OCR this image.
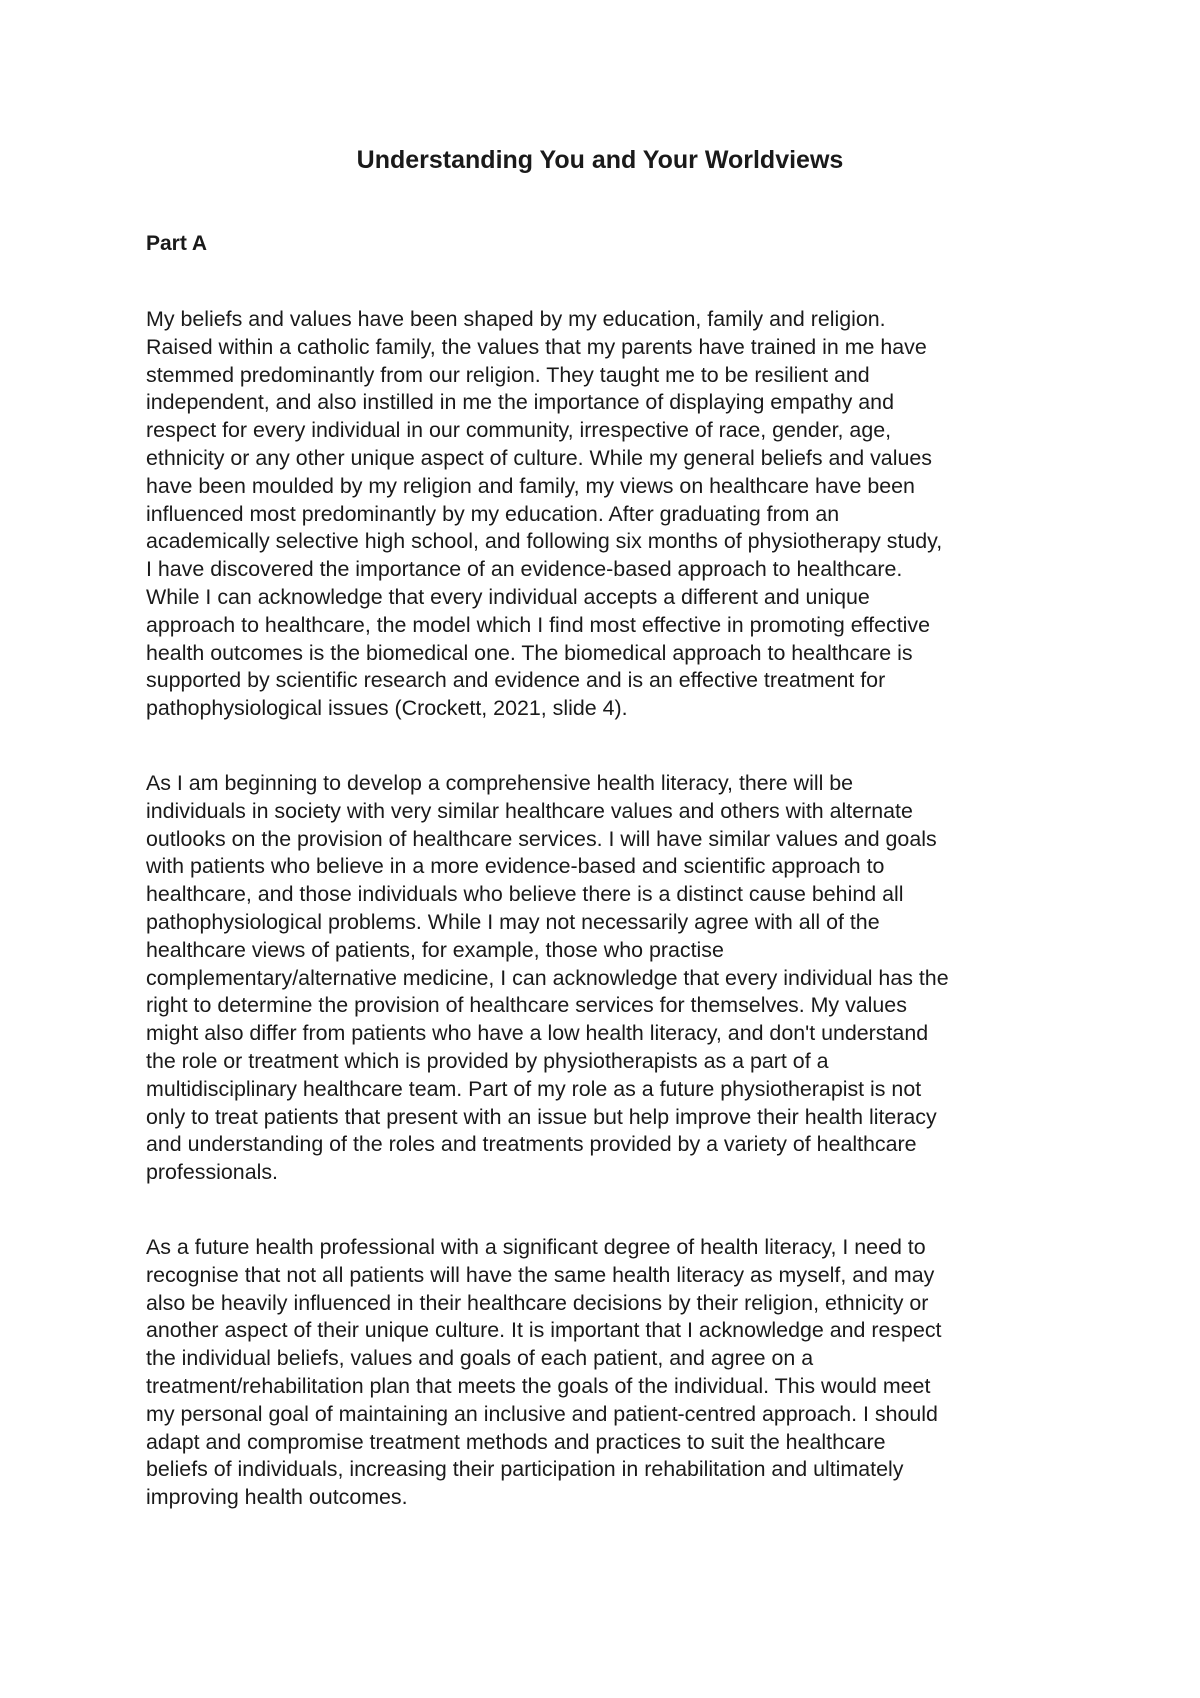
Understanding You and Your Worldviews
Part A

My beliefs and values have been shaped by my education, family and religion.
Raised within a catholic family, the values that my parents have trained in me have
stemmed predominantly from our religion. They taught me to be resilient and
independent, and also instilled in me the importance of displaying empathy and
respect for every individual in our community, irrespective of race, gender, age,
ethnicity or any other unique aspect of culture. While my general beliefs and values
have been moulded by my religion and family, my views on healthcare have been
influenced most predominantly by my education. After graduating from an
academically selective high school, and following six months of physiotherapy study,
I have discovered the importance of an evidence-based approach to healthcare.
While I can acknowledge that every individual accepts a different and unique
approach to healthcare, the model which I find most effective in promoting effective
health outcomes is the biomedical one. The biomedical approach to healthcare is
supported by scientific research and evidence and is an effective treatment for
pathophysiological issues (Crockett, 2021, slide 4).

As I am beginning to develop a comprehensive health literacy, there will be
individuals in society with very similar healthcare values and others with alternate
outlooks on the provision of healthcare services. I will have similar values and goals
with patients who believe in a more evidence-based and scientific approach to
healthcare, and those individuals who believe there is a distinct cause behind all
pathophysiological problems. While I may not necessarily agree with all of the
healthcare views of patients, for example, those who practise
complementary/alternative medicine, I can acknowledge that every individual has the
right to determine the provision of healthcare services for themselves. My values
might also differ from patients who have a low health literacy, and don't understand
the role or treatment which is provided by physiotherapists as a part of a
multidisciplinary healthcare team. Part of my role as a future physiotherapist is not
only to treat patients that present with an issue but help improve their health literacy
and understanding of the roles and treatments provided by a variety of healthcare
professionals.

As a future health professional with a significant degree of health literacy, I need to
recognise that not all patients will have the same health literacy as myself, and may
also be heavily influenced in their healthcare decisions by their religion, ethnicity or
another aspect of their unique culture. It is important that I acknowledge and respect
the individual beliefs, values and goals of each patient, and agree on a
treatment/rehabilitation plan that meets the goals of the individual. This would meet
my personal goal of maintaining an inclusive and patient-centred approach. I should
adapt and compromise treatment methods and practices to suit the healthcare
beliefs of individuals, increasing their participation in rehabilitation and ultimately
improving health outcomes.
